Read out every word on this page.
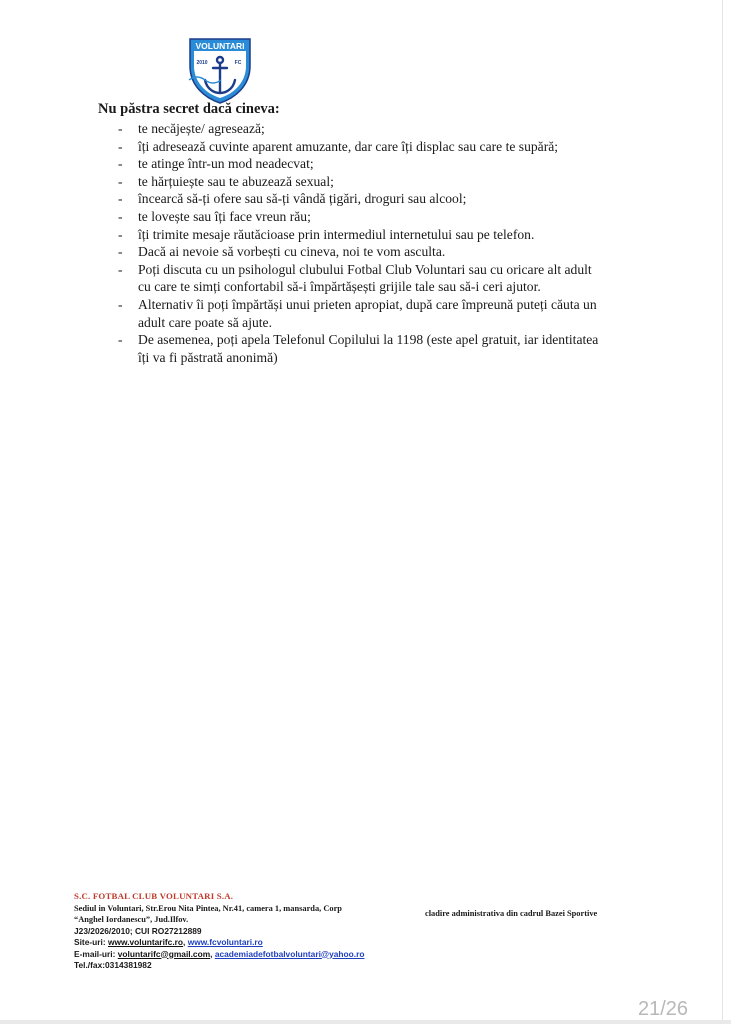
VOLUNTARI
2010	FC

Nu păstra secret dacă cineva:

- te necăjește/ agresează;
- îți adresează cuvinte aparent amuzante, dar care îți displac sau care te supără;
- te atinge într-un mod neadecvat;
- te hărțuiește sau te abuzează sexual;
- încearcă să-ți ofere sau să-ți vândă țigări, droguri sau alcool;
- te lovește sau îți face vreun rău;
- îți trimite mesaje răutăcioase prin intermediul internetului sau pe telefon.
- Dacă ai nevoie să vorbești cu cineva, noi te vom asculta.
- Poți discuta cu un psihologul clubului Fotbal Club Voluntari sau cu oricare alt adult
cu care te simți confortabil să-i împărtășești grijile tale sau să-i ceri ajutor.
- Alternativ îi poți împărtăși unui prieten apropiat, după care împreună puteți căuta un
adult care poate să ajute.
- De asemenea, poți apela Telefonul Copilului la 1198 (este apel gratuit, iar identitatea
îți va fi păstrată anonimă)
S.C. FOTBAL CLUB VOLUNTARI S.A.
Sediul in Voluntari, Str.Erou Nita Pintea, Nr.41, camera 1, mansarda, Corp
“Anghel Iordanescu”, Jud.Ilfov.
J23/2026/2010; CUI RO27212889
Site-uri: www.voluntarifc.ro, www.fcvoluntari.ro
E-mail-uri: voluntarifc@gmail.com, academiadefotbalvoluntari@yahoo.ro
Tel./fax:0314381982
cladire administrativa din cadrul Bazei Sportive
21/26
